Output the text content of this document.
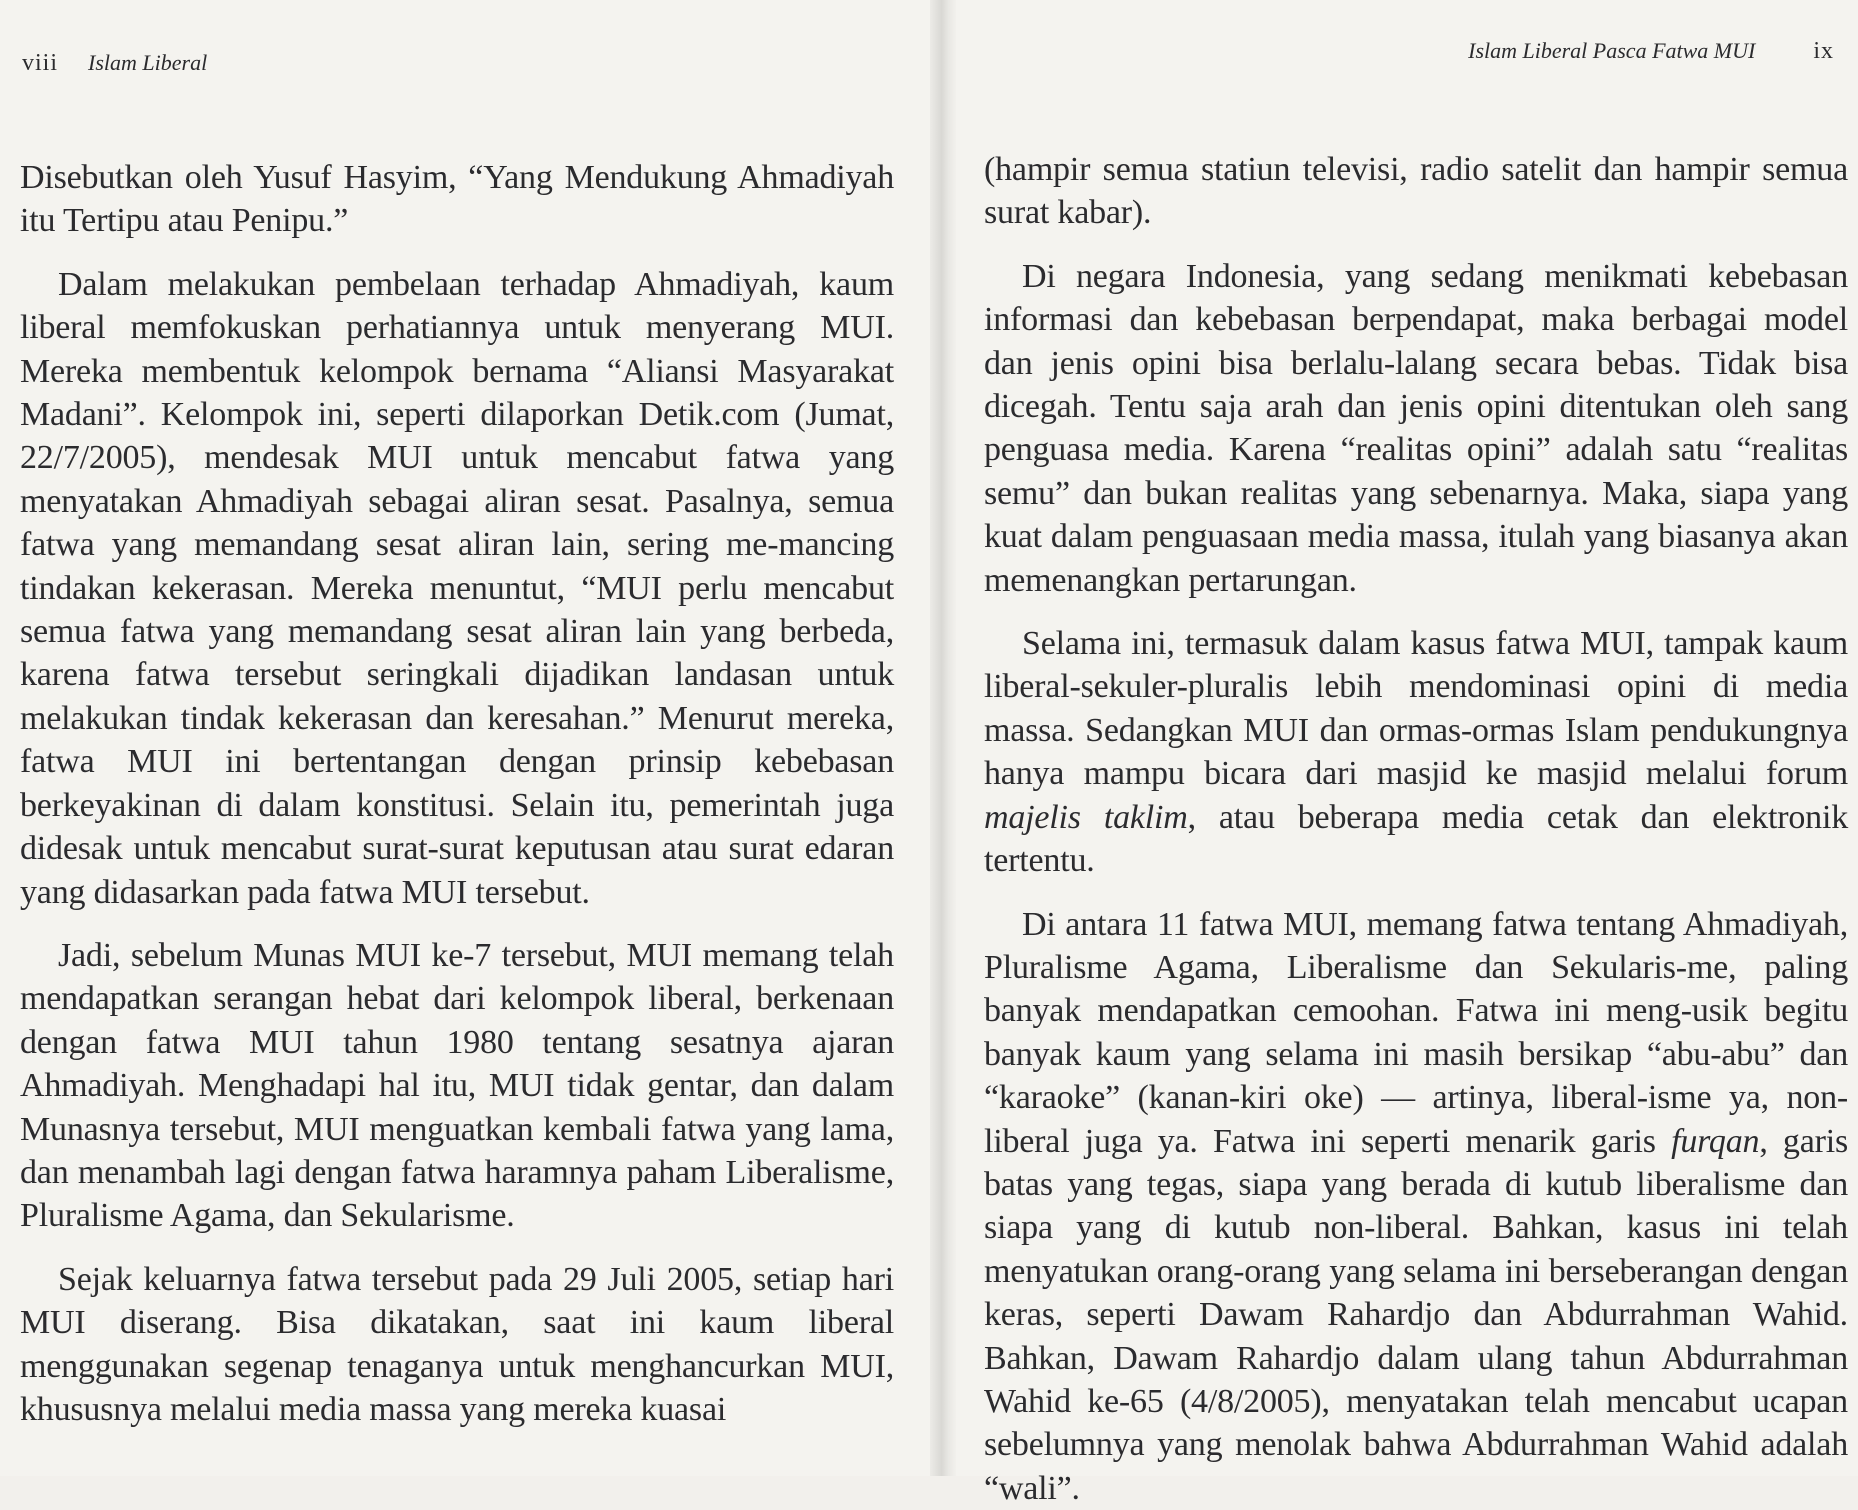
viii Islam Liberal

Disebutkan oleh Yusuf Hasyim, “Yang Mendukung Ahmadiyah itu Tertipu atau Penipu.”

Dalam melakukan pembelaan terhadap Ahmadiyah, kaum liberal memfokuskan perhatiannya untuk menyerang MUI. Mereka membentuk kelompok bernama “Aliansi Masyarakat Madani”. Kelompok ini, seperti dilaporkan Detik.com (Jumat, 22/7/2005), mendesak MUI untuk mencabut fatwa yang menyatakan Ahmadiyah sebagai aliran sesat. Pasalnya, semua fatwa yang memandang sesat aliran lain, sering me-mancing tindakan kekerasan. Mereka menuntut, “MUI perlu mencabut semua fatwa yang memandang sesat aliran lain yang berbeda, karena fatwa tersebut seringkali dijadikan landasan untuk melakukan tindak kekerasan dan keresahan.” Menurut mereka, fatwa MUI ini bertentangan dengan prinsip kebebasan berkeyakinan di dalam konstitusi. Selain itu, pemerintah juga didesak untuk mencabut surat-surat keputusan atau surat edaran yang didasarkan pada fatwa MUI tersebut.

Jadi, sebelum Munas MUI ke-7 tersebut, MUI memang telah mendapatkan serangan hebat dari kelompok liberal, berkenaan dengan fatwa MUI tahun 1980 tentang sesatnya ajaran Ahmadiyah. Menghadapi hal itu, MUI tidak gentar, dan dalam Munasnya tersebut, MUI menguatkan kembali fatwa yang lama, dan menambah lagi dengan fatwa haramnya paham Liberalisme, Pluralisme Agama, dan Sekularisme.

Sejak keluarnya fatwa tersebut pada 29 Juli 2005, setiap hari MUI diserang. Bisa dikatakan, saat ini kaum liberal menggunakan segenap tenaganya untuk menghancurkan MUI, khususnya melalui media massa yang mereka kuasai

Islam Liberal Pasca Fatwa MUI ix

(hampir semua statiun televisi, radio satelit dan hampir semua surat kabar).

Di negara Indonesia, yang sedang menikmati kebebasan informasi dan kebebasan berpendapat, maka berbagai model dan jenis opini bisa berlalu-lalang secara bebas. Tidak bisa dicegah. Tentu saja arah dan jenis opini ditentukan oleh sang penguasa media. Karena “realitas opini” adalah satu “realitas semu” dan bukan realitas yang sebenarnya. Maka, siapa yang kuat dalam penguasaan media massa, itulah yang biasanya akan memenangkan pertarungan.

Selama ini, termasuk dalam kasus fatwa MUI, tampak kaum liberal-sekuler-pluralis lebih mendominasi opini di media massa. Sedangkan MUI dan ormas-ormas Islam pendukungnya hanya mampu bicara dari masjid ke masjid melalui forum majelis taklim, atau beberapa media cetak dan elektronik tertentu.

Di antara 11 fatwa MUI, memang fatwa tentang Ahmadiyah, Pluralisme Agama, Liberalisme dan Sekularis-me, paling banyak mendapatkan cemoohan. Fatwa ini meng-usik begitu banyak kaum yang selama ini masih bersikap “abu-abu” dan “karaoke” (kanan-kiri oke) — artinya, liberal-isme ya, non-liberal juga ya. Fatwa ini seperti menarik garis furqan, garis batas yang tegas, siapa yang berada di kutub liberalisme dan siapa yang di kutub non-liberal. Bahkan, kasus ini telah menyatukan orang-orang yang selama ini berseberangan dengan keras, seperti Dawam Rahardjo dan Abdurrahman Wahid. Bahkan, Dawam Rahardjo dalam ulang tahun Abdurrahman Wahid ke-65 (4/8/2005), menyatakan telah mencabut ucapan sebelumnya yang menolak bahwa Abdurrahman Wahid adalah “wali”.
